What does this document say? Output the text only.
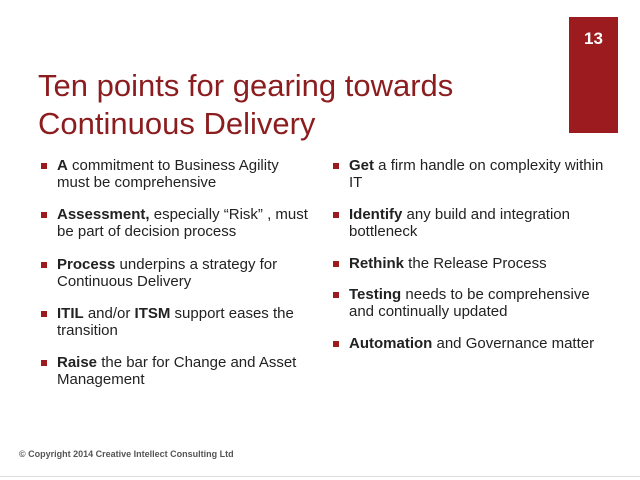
13
Ten points for gearing towards
Continuous Delivery
A commitment to Business Agility must be comprehensive
Assessment, especially “Risk” , must be part of decision process
Process underpins a strategy for Continuous Delivery
ITIL and/or ITSM support eases the transition
Raise the bar for Change and Asset Management
Get a firm handle on complexity within IT
Identify any build and integration bottleneck
Rethink the Release Process
Testing needs to be comprehensive and continually updated
Automation and Governance matter
© Copyright 2014 Creative Intellect Consulting Ltd
